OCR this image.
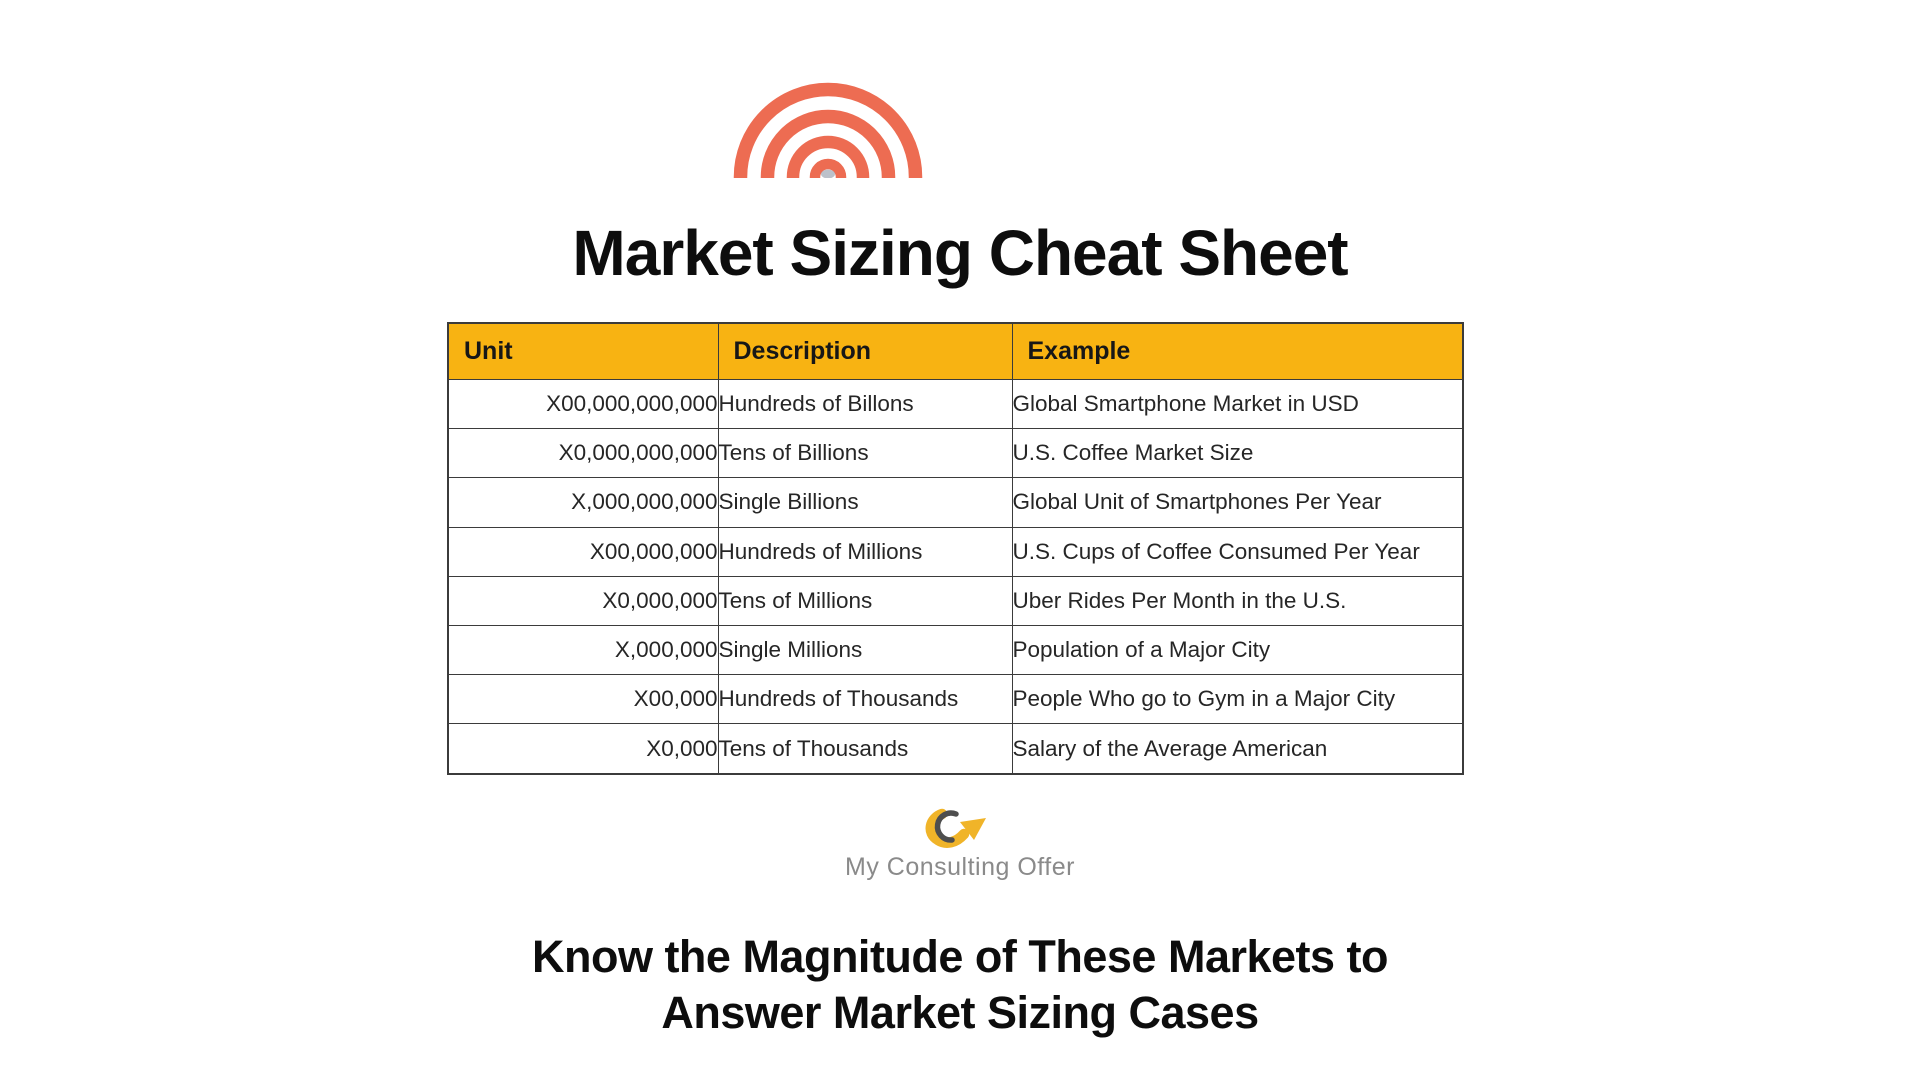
Market Sizing Cheat Sheet
Unit	Description	Example
X00,000,000,000	Hundreds of Billons	Global Smartphone Market in USD
X0,000,000,000	Tens of Billions	U.S. Coffee Market Size
X,000,000,000	Single Billions	Global Unit of Smartphones Per Year
X00,000,000	Hundreds of Millions	U.S. Cups of Coffee Consumed Per Year
X0,000,000	Tens of Millions	Uber Rides Per Month in the U.S.
X,000,000	Single Millions	Population of a Major City
X00,000	Hundreds of Thousands	People Who go to Gym in a Major City
X0,000	Tens of Thousands	Salary of the Average American
My Consulting Offer
Know the Magnitude of These Markets to
Answer Market Sizing Cases
